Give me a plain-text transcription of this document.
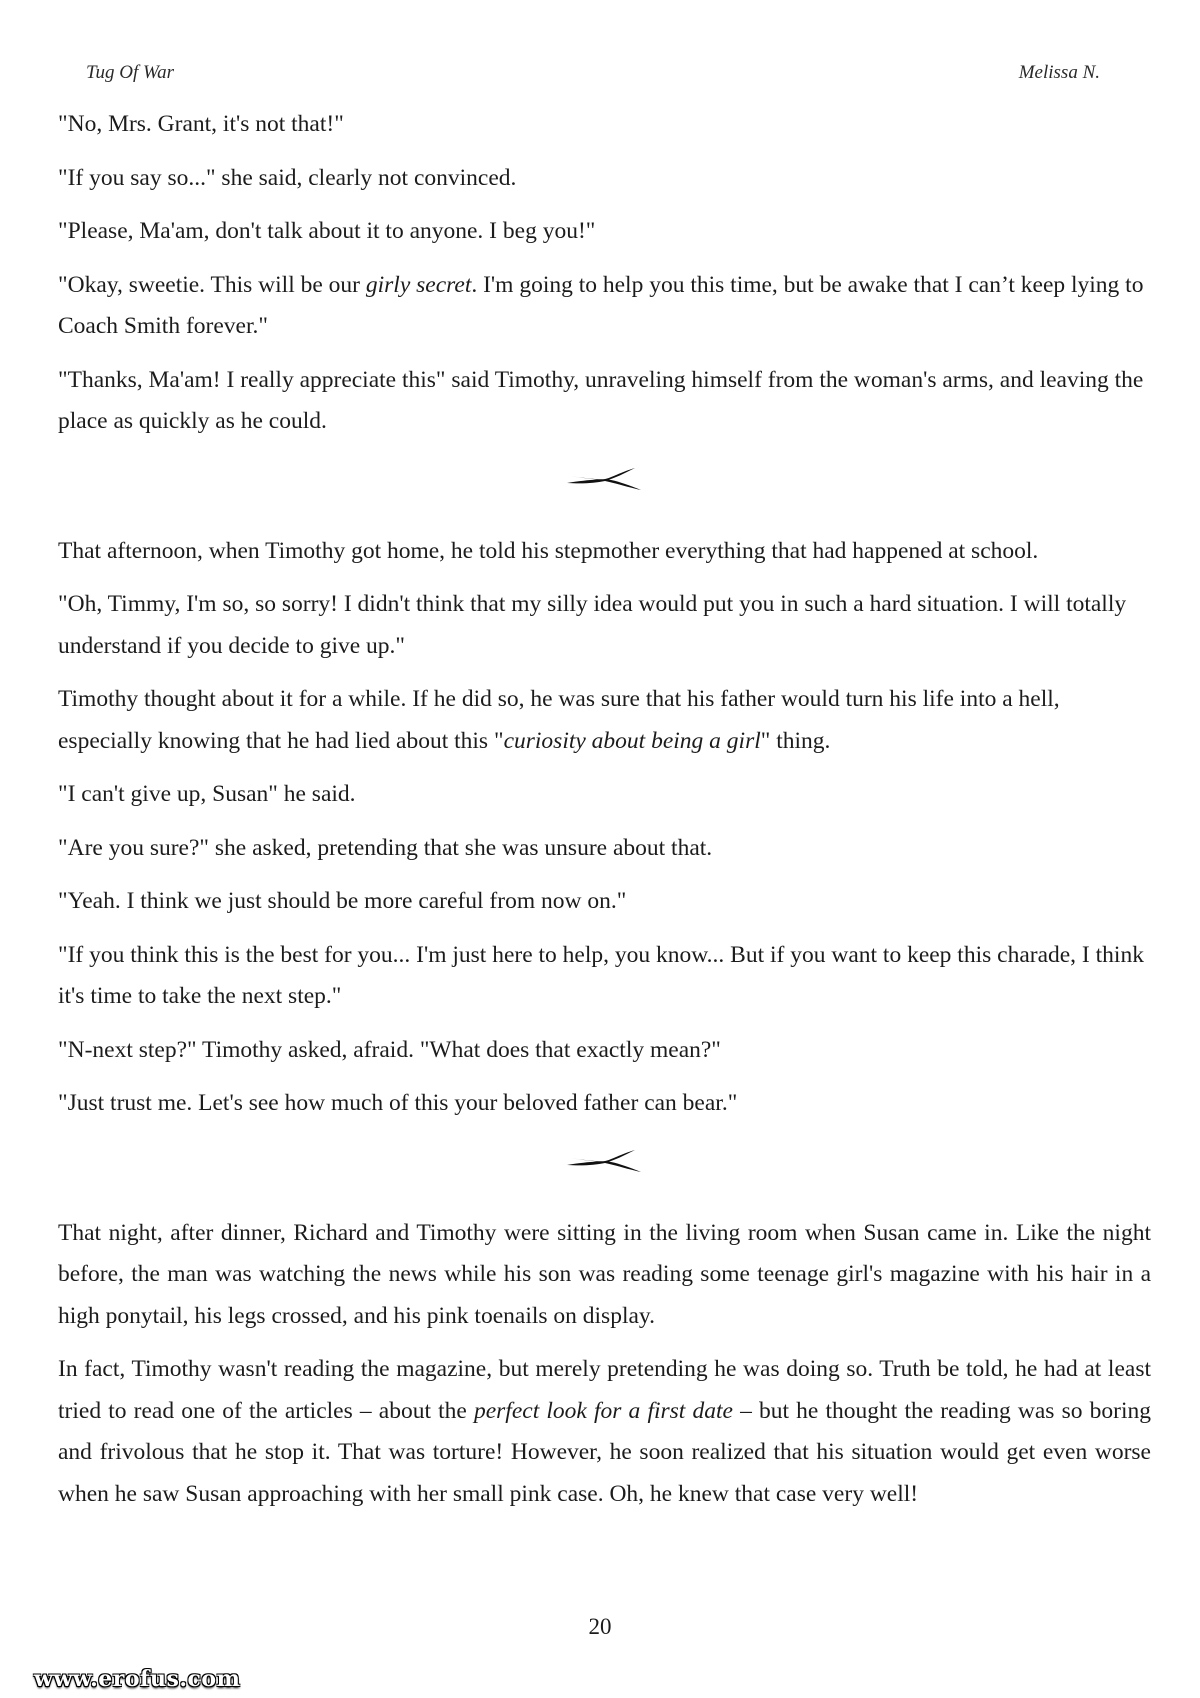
Tug Of War	Melissa N.

"No, Mrs. Grant, it's not that!"

"If you say so..." she said, clearly not convinced.

"Please, Ma'am, don't talk about it to anyone. I beg you!"

"Okay, sweetie. This will be our girly secret. I'm going to help you this time, but be awake that I can’t keep lying to Coach Smith forever."

"Thanks, Ma'am! I really appreciate this" said Timothy, unraveling himself from the woman's arms, and leaving the place as quickly as he could.

That afternoon, when Timothy got home, he told his stepmother everything that had happened at school.

"Oh, Timmy, I'm so, so sorry! I didn't think that my silly idea would put you in such a hard situation. I will totally understand if you decide to give up."

Timothy thought about it for a while. If he did so, he was sure that his father would turn his life into a hell, especially knowing that he had lied about this "curiosity about being a girl" thing.

"I can't give up, Susan" he said.

"Are you sure?" she asked, pretending that she was unsure about that.

"Yeah. I think we just should be more careful from now on."

"If you think this is the best for you... I'm just here to help, you know... But if you want to keep this charade, I think it's time to take the next step."

"N-next step?" Timothy asked, afraid. "What does that exactly mean?"

"Just trust me. Let's see how much of this your beloved father can bear."

That night, after dinner, Richard and Timothy were sitting in the living room when Susan came in. Like the night before, the man was watching the news while his son was reading some teenage girl's magazine with his hair in a high ponytail, his legs crossed, and his pink toenails on display.

In fact, Timothy wasn't reading the magazine, but merely pretending he was doing so. Truth be told, he had at least tried to read one of the articles – about the perfect look for a first date – but he thought the reading was so boring and frivolous that he stop it. That was torture! However, he soon realized that his situation would get even worse when he saw Susan approaching with her small pink case. Oh, he knew that case very well!

20
www.erofus.com
